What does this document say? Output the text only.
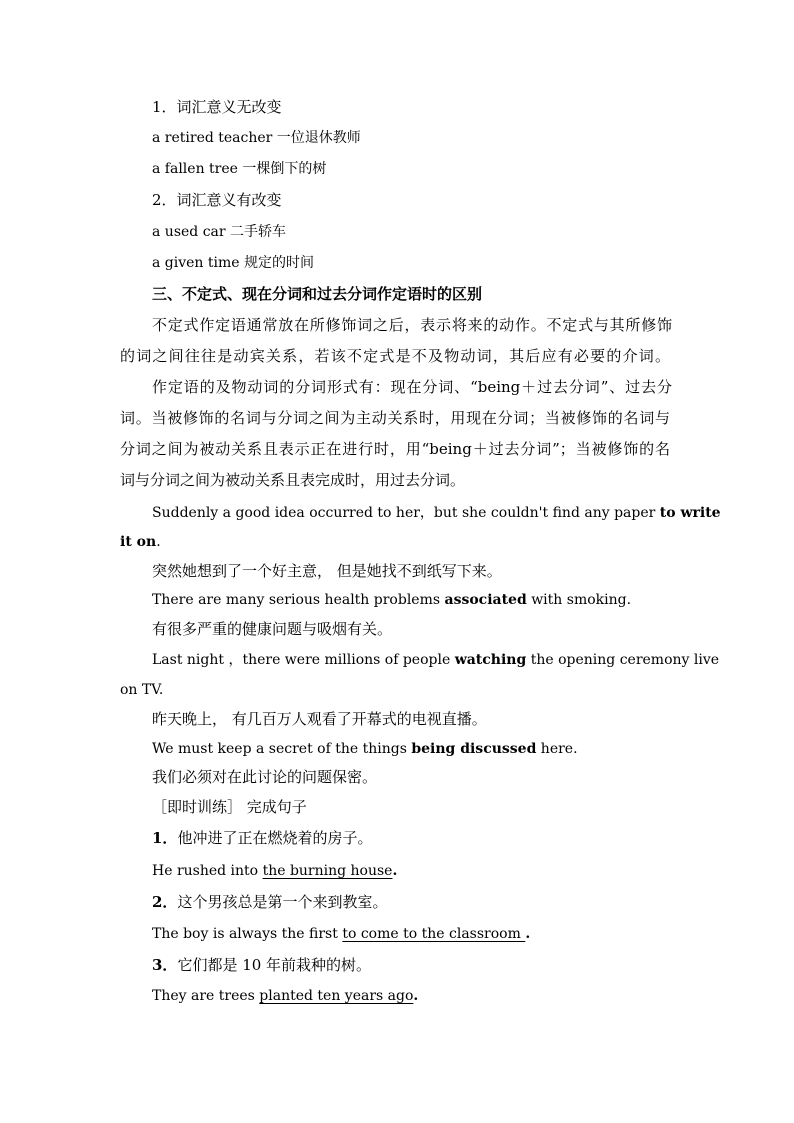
1．词汇意义无改变
a retired teacher 一位退休教师
a fallen tree 一棵倒下的树
2．词汇意义有改变
a used car 二手轿车
a given time 规定的时间
三、不定式、现在分词和过去分词作定语时的区别
不定式作定语通常放在所修饰词之后，表示将来的动作。不定式与其所修饰
的词之间往往是动宾关系，若该不定式是不及物动词，其后应有必要的介词。
作定语的及物动词的分词形式有：现在分词、“being＋过去分词”、过去分
词。当被修饰的名词与分词之间为主动关系时，用现在分词；当被修饰的名词与
分词之间为被动关系且表示正在进行时，用“being＋过去分词”；当被修饰的名
词与分词之间为被动关系且表完成时，用过去分词。
Suddenly a good idea occurred to her，but she couldn't find any paper to write
it on.
突然她想到了一个好主意， 但是她找不到纸写下来。
There are many serious health problems associated with smoking.
有很多严重的健康问题与吸烟有关。
Last night ，there were millions of people watching the opening ceremony live
on TV.
昨天晚上， 有几百万人观看了开幕式的电视直播。
We must keep a secret of the things being discussed here.
我们必须对在此讨论的问题保密。
［即时训练］ 完成句子
1．他冲进了正在燃烧着的房子。
He rushed into the burning house.
2．这个男孩总是第一个来到教室。
The boy is always the first to come to the classroom .
3．它们都是 10 年前栽种的树。
They are trees planted ten years ago.
